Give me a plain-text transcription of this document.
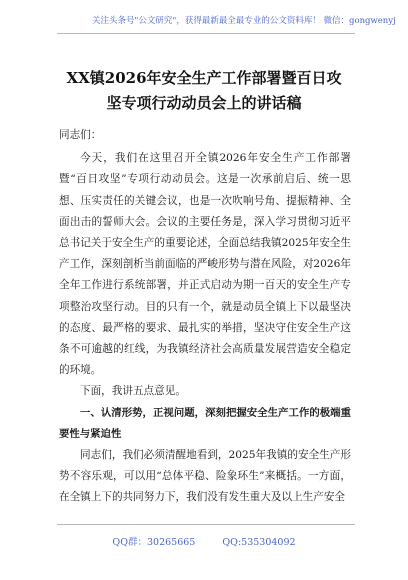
关注头条号"公文研究"，获得最新最全最专业的公文资料库！ 微信：gongwenyj
XX镇2026年安全生产工作部署暨百日攻
坚专项行动动员会上的讲话稿

同志们：

今天，我们在这里召开全镇2026年安全生产工作部署暨“百日攻坚”专项行动动员会。这是一次承前启后、统一思想、压实责任的关键会议，也是一次吹响号角、提振精神、全面出击的誓师大会。会议的主要任务是，深入学习贯彻习近平总书记关于安全生产的重要论述，全面总结我镇2025年安全生产工作，深刻剖析当前面临的严峻形势与潜在风险，对2026年全年工作进行系统部署，并正式启动为期一百天的安全生产专项整治攻坚行动。目的只有一个，就是动员全镇上下以最坚决的态度、最严格的要求、最扎实的举措，坚决守住安全生产这条不可逾越的红线，为我镇经济社会高质量发展营造安全稳定的环境。

下面，我讲五点意见。

一、认清形势，正视问题，深刻把握安全生产工作的极端重要性与紧迫性

同志们，我们必须清醒地看到，2025年我镇的安全生产形势不容乐观，可以用“总体平稳、险象环生”来概括。一方面，在全镇上下的共同努力下，我们没有发生重大及以上生产安全

QQ群：30265665	QQ:535304092
